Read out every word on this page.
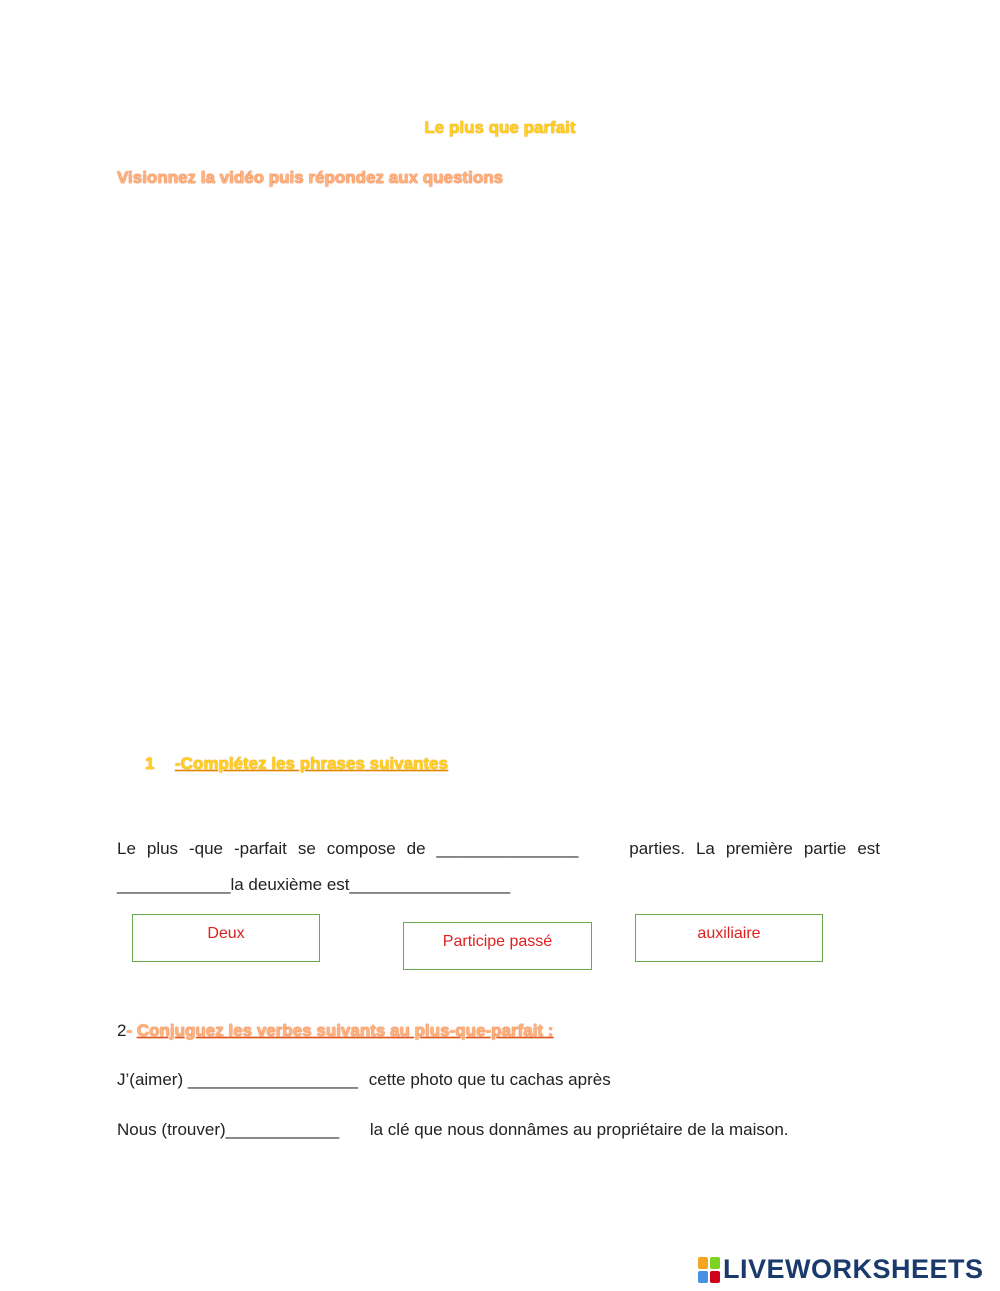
Le plus que parfait
Visionnez la vidéo puis répondez aux questions
1 -Complétez les phrases suivantes
Le plus -que -parfait se compose de _______________	parties. La première partie est
____________la deuxième est_________________
Deux	Participe passé	auxiliaire
2- Conjuguez les verbes suivants au plus-que-parfait :
J’(aimer) __________________ cette photo que tu cachas après
Nous (trouver)____________ la clé que nous donnâmes au propriétaire de la maison.
LIVEWORKSHEETS
